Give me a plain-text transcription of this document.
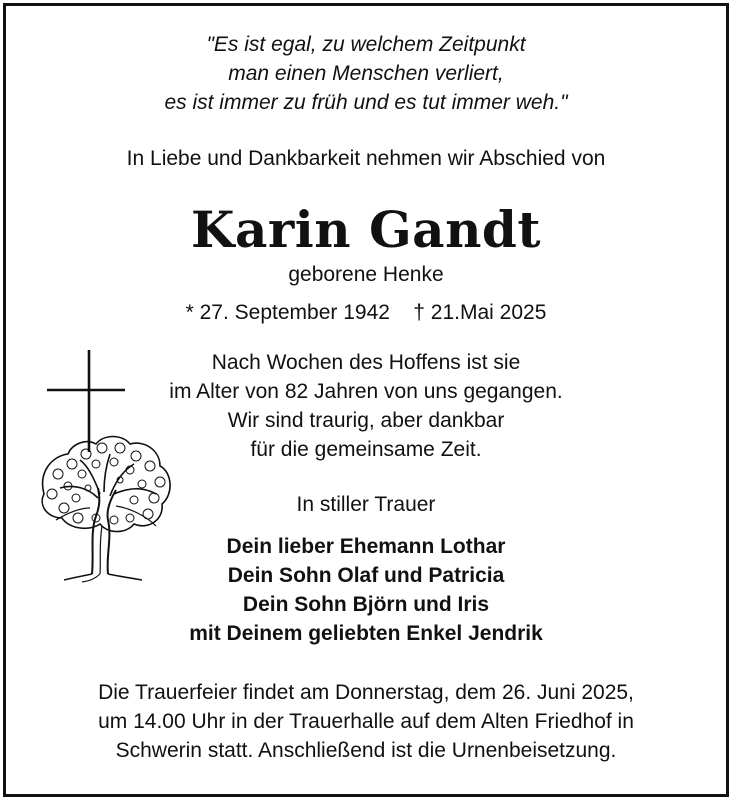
"Es ist egal, zu welchem Zeitpunkt
man einen Menschen verliert,
es ist immer zu früh und es tut immer weh."
In Liebe und Dankbarkeit nehmen wir Abschied von
Karin Gandt
geborene Henke
* 27. September 1942    † 21.Mai 2025
Nach Wochen des Hoffens ist sie
im Alter von 82 Jahren von uns gegangen.
Wir sind traurig, aber dankbar
für die gemeinsame Zeit.
In stiller Trauer
Dein lieber Ehemann Lothar
Dein Sohn Olaf und Patricia
Dein Sohn Björn und Iris
mit Deinem geliebten Enkel Jendrik
Die Trauerfeier findet am Donnerstag, dem 26. Juni 2025,
um 14.00 Uhr in der Trauerhalle auf dem Alten Friedhof in
Schwerin statt. Anschließend ist die Urnenbeisetzung.
